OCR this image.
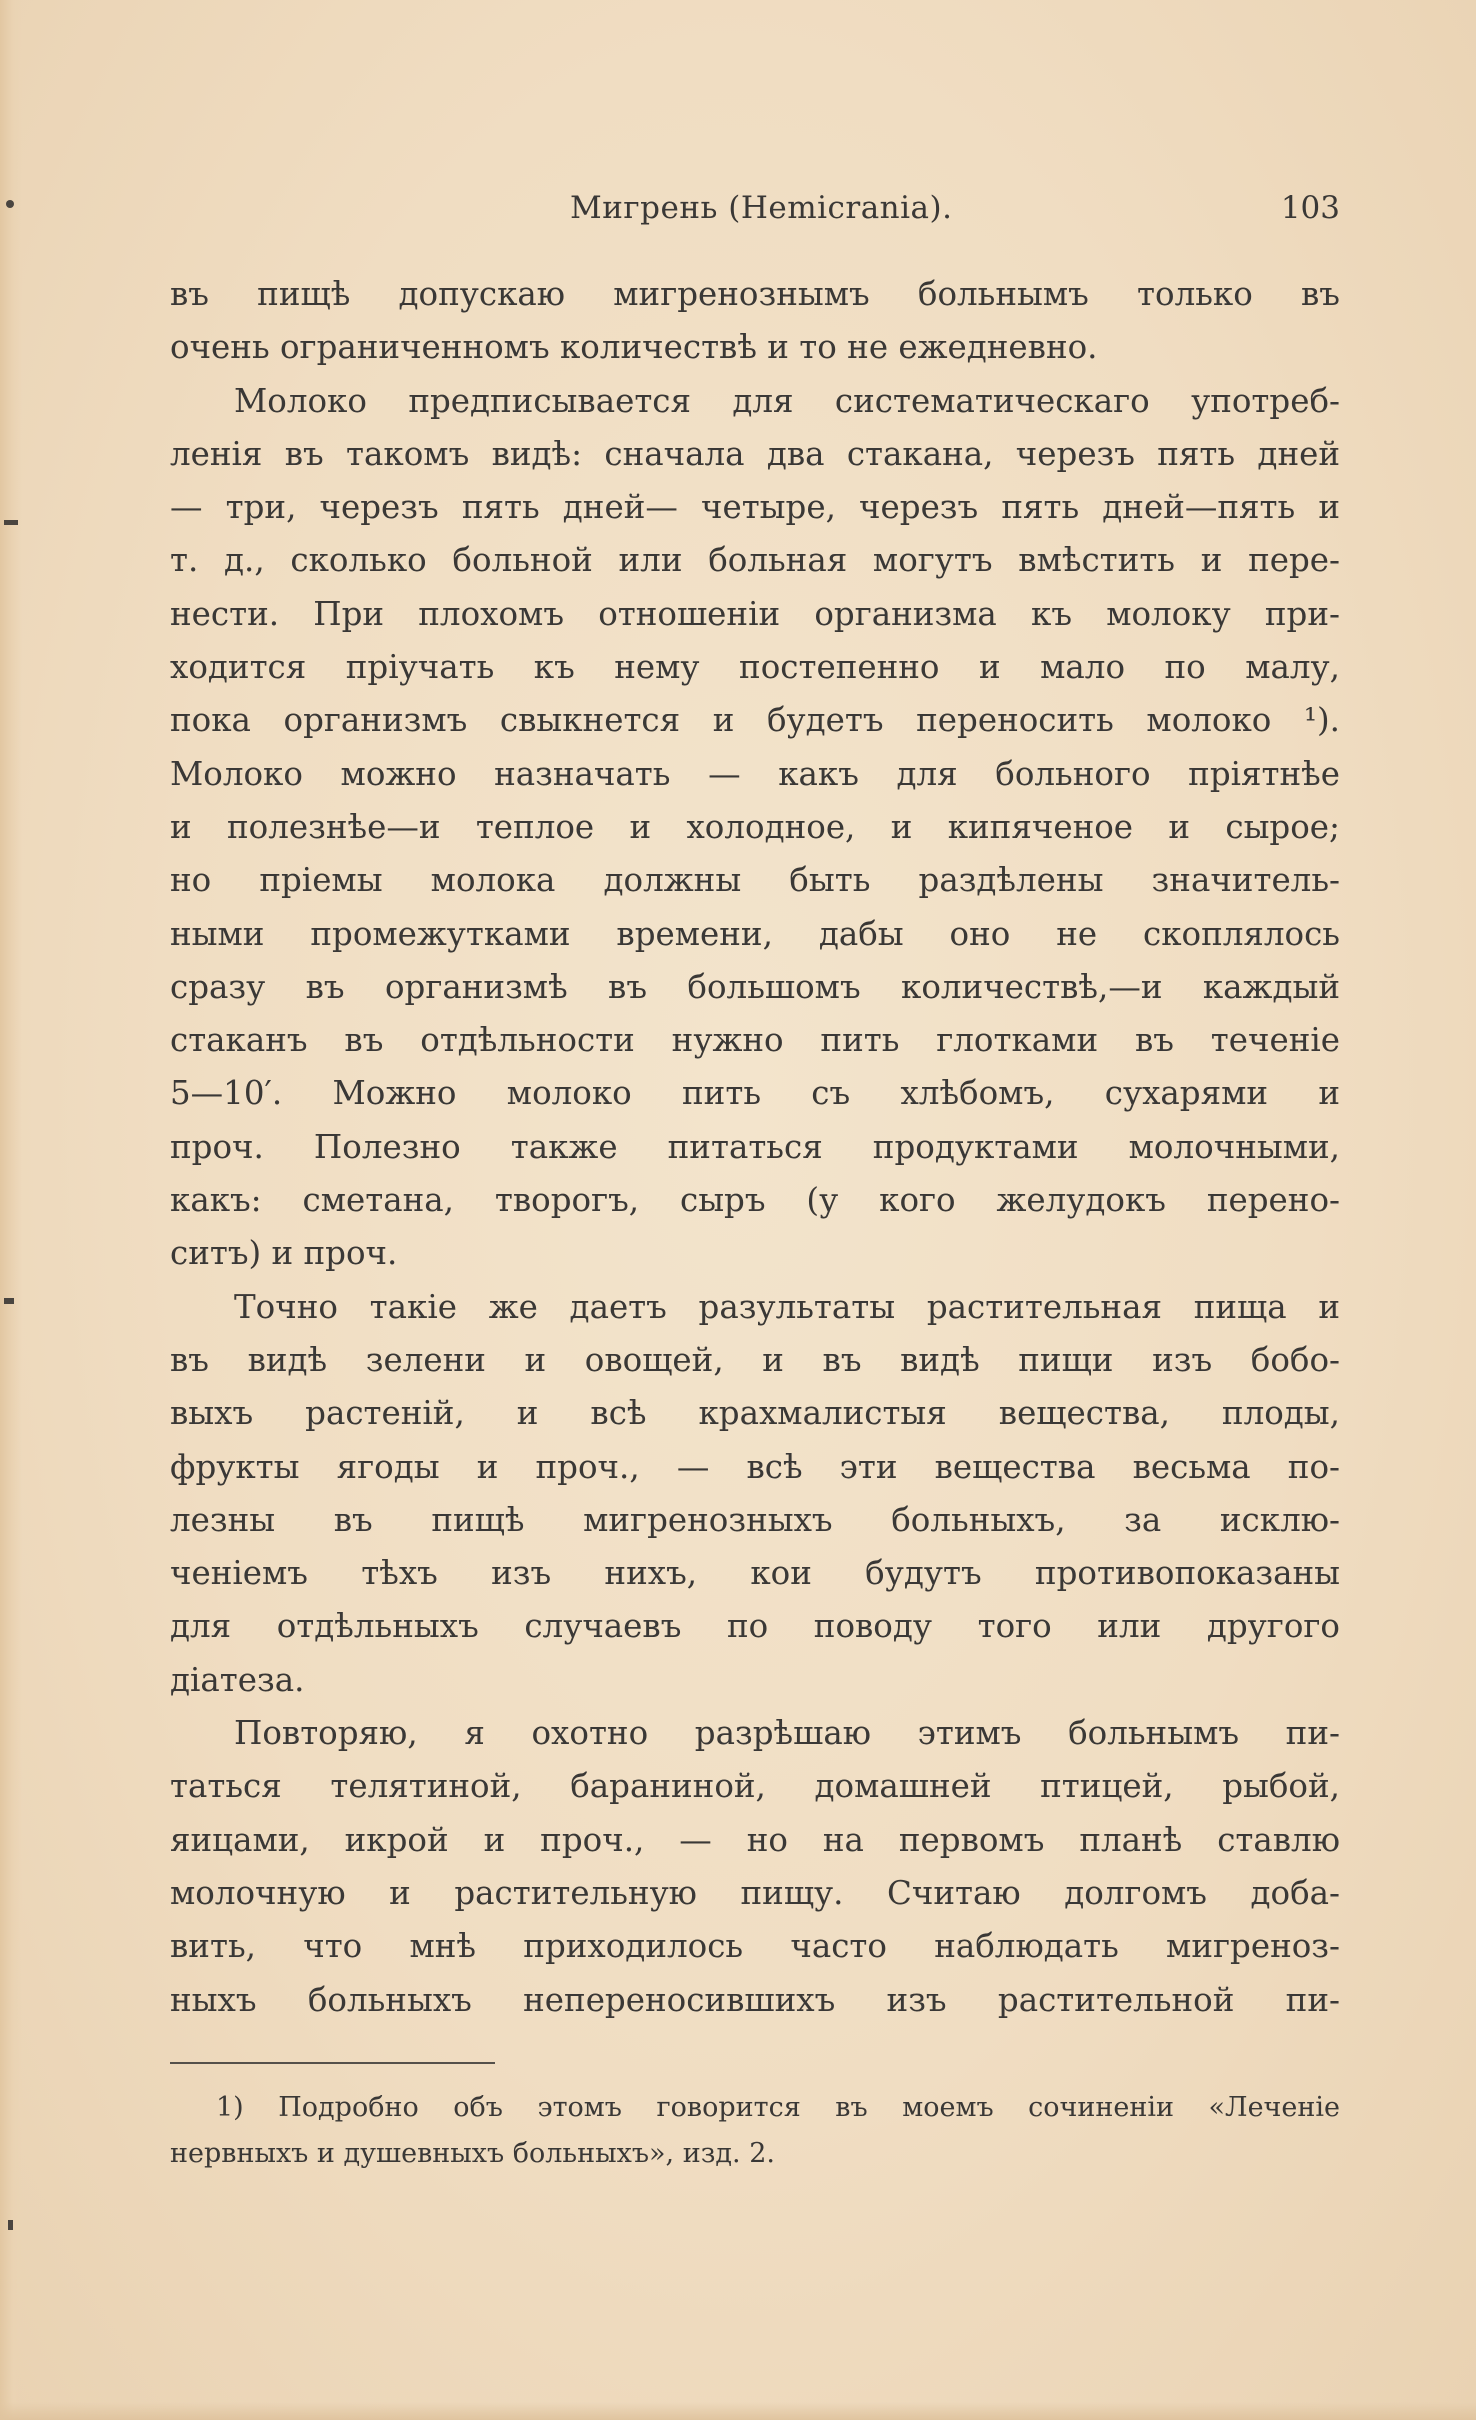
Мигрень (Hemicrania).	103
въ пищѣ допускаю мигренознымъ больнымъ только въ
очень ограниченномъ количествѣ и то не ежедневно.
Молоко предписывается для систематическаго употреб-
ленія въ такомъ видѣ: сначала два стакана, черезъ пять дней
— три, черезъ пять дней— четыре, черезъ пять дней—пять и
т. д., сколько больной или больная могутъ вмѣстить и пере-
нести. При плохомъ отношеніи организма къ молоку при-
ходится пріучать къ нему постепенно и мало по малу,
пока организмъ свыкнется и будетъ переносить молоко ¹).
Молоко можно назначать — какъ для больного пріятнѣе
и полезнѣе—и теплое и холодное, и кипяченое и сырое;
но пріемы молока должны быть раздѣлены значитель-
ными промежутками времени, дабы оно не скоплялось
сразу въ организмѣ въ большомъ количествѣ,—и каждый
стаканъ въ отдѣльности нужно пить глотками въ теченіе
5—10′. Можно молоко пить съ хлѣбомъ, сухарями и
проч. Полезно также питаться продуктами молочными,
какъ: сметана, творогъ, сыръ (у кого желудокъ перено-
ситъ) и проч.
Точно такіе же даетъ разультаты растительная пища и
въ видѣ зелени и овощей, и въ видѣ пищи изъ бобо-
выхъ растеній, и всѣ крахмалистыя вещества, плоды,
фрукты ягоды и проч., — всѣ эти вещества весьма по-
лезны въ пищѣ мигренозныхъ больныхъ, за исклю-
ченіемъ тѣхъ изъ нихъ, кои будутъ противопоказаны
для отдѣльныхъ случаевъ по поводу того или другого
діатеза.
Повторяю, я охотно разрѣшаю этимъ больнымъ пи-
таться телятиной, бараниной, домашней птицей, рыбой,
яицами, икрой и проч., — но на первомъ планѣ ставлю
молочную и растительную пищу. Считаю долгомъ доба-
вить, что мнѣ приходилось часто наблюдать мигреноз-
ныхъ больныхъ непереносившихъ изъ растительной пи-
1) Подробно объ этомъ говорится въ моемъ сочиненіи «Леченіе
нервныхъ и душевныхъ больныхъ», изд. 2.
